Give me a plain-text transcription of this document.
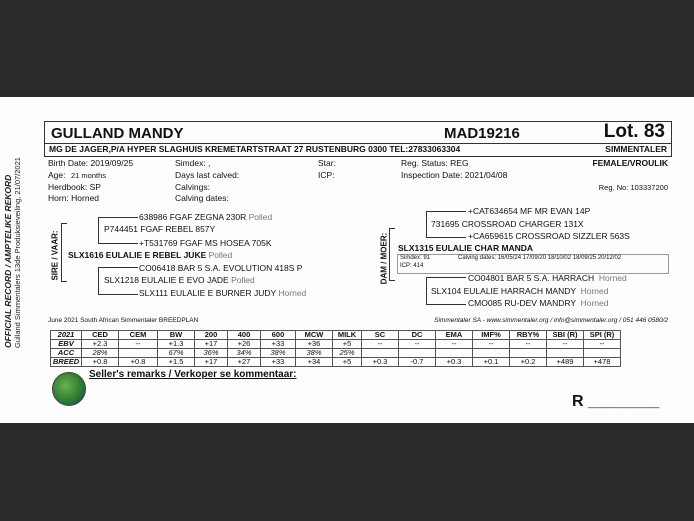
OFFICIAL RECORD / AMPTELIKE REKORD Gulland Simmentalers 13de Produksieveiling, 21/07/2021
GULLAND MANDY	MAD19216	Lot. 83
MG DE JAGER,P/A HYPER SLAGHUIS KREMETARTSTRAAT 27 RUSTENBURG 0300 TEL:27833063304	SIMMENTALER
Birth Date: 2019/09/25	Simdex: ,	Star:	Reg. Status: REG	FEMALE/VROULIK
Age: 21 months	Days last calved:	ICP:	Inspection Date: 2021/04/08
Herdbook: SP	Calvings:	Reg. No: 103337200
Horn: Horned	Calving dates:
SIRE / VAAR:
638986 FGAF ZEGNA 230R Polled
P744451 FGAF REBEL 857Y
+T531769 FGAF MS HOSEA 705K
SLX1616 EULALIE E REBEL JUKE Polled
CO06418 BAR 5 S.A. EVOLUTION 418S P
SLX1218 EULALIE E EVO JADE Polled
SLX111 EULALIE E BURNER JUDY Horned
DAM / MOER:
+CAT634654 MF MR EVAN 14P
731695 CROSSROAD CHARGER 131X
+CA659615 CROSSROAD SIZZLER 563S
SLX1315 EULALIE CHAR MANDA
Simdex: 91	Calving dates: 16/05/24 17/09/20 18/10/02 18/09/25 20/12/02
ICP: 414
CO04801 BAR 5 S.A. HARRACH Horned
SLX104 EULALIE HARRACH MANDY Horned
CMO085 RU-DEV MANDRY Horned
June 2021 South African Simmentaler BREEDPLAN	Simmentaler SA - www.simmentaler.org / info@simmentaler.org / 051 446 0580/2
2021	CED	CEM	BW	200	400	600	MCW	MILK	SC	DC	EMA	IMF%	RBY%	SBI (R)	SPI (R)
EBV	+2.3	--	+1.3	+17	+26	+33	+36	+5	--	--	--	--	--	--	--
ACC	28%		67%	36%	34%	38%	38%	25%							
BREED	+0.8	+0.8	+1.5	+17	+27	+33	+34	+5	+0.3	-0.7	+0.3	+0.1	+0.2	+489	+478
Seller's remarks / Verkoper se kommentaar:
R ________
